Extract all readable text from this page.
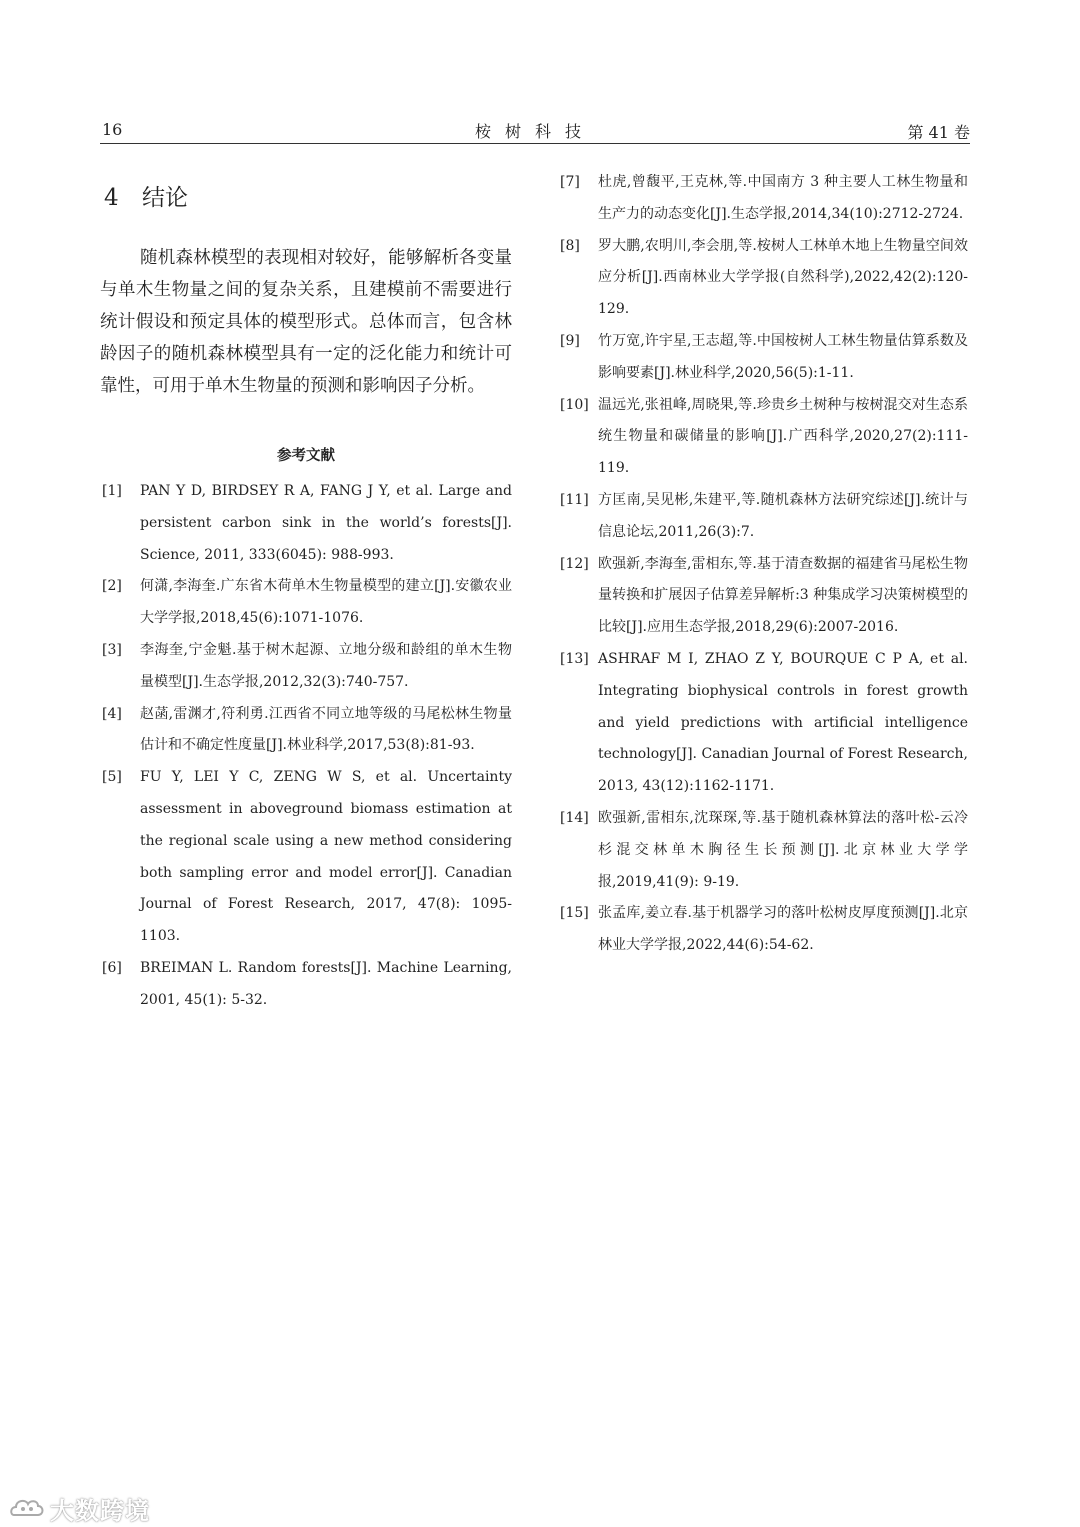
16	桉树科技	第 41 卷
4 结论

随机森林模型的表现相对较好，能够解析各变量与单木生物量之间的复杂关系，且建模前不需要进行统计假设和预定具体的模型形式。总体而言，包含林龄因子的随机森林模型具有一定的泛化能力和统计可靠性，可用于单木生物量的预测和影响因子分析。

参考文献
[1] PAN Y D, BIRDSEY R A, FANG J Y, et al. Large and persistent carbon sink in the world’s forests[J]. Science, 2011, 333(6045): 988-993.
[2] 何潇,李海奎.广东省木荷单木生物量模型的建立[J].安徽农业大学学报,2018,45(6):1071-1076.
[3] 李海奎,宁金魁.基于树木起源、立地分级和龄组的单木生物量模型[J].生态学报,2012,32(3):740-757.
[4] 赵菡,雷渊才,符利勇.江西省不同立地等级的马尾松林生物量估计和不确定性度量[J].林业科学,2017,53(8):81-93.
[5] FU Y, LEI Y C, ZENG W S, et al. Uncertainty assessment in aboveground biomass estimation at the regional scale using a new method considering both sampling error and model error[J]. Canadian Journal of Forest Research, 2017, 47(8): 1095- 1103.
[6] BREIMAN L. Random forests[J]. Machine Learning, 2001, 45(1): 5-32.
[7] 杜虎,曾馥平,王克林,等.中国南方 3 种主要人工林生物量和生产力的动态变化[J].生态学报,2014,34(10):2712-2724.
[8] 罗大鹏,农明川,李会朋,等.桉树人工林单木地上生物量空间效应分析[J].西南林业大学学报(自然科学),2022,42(2):120- 129.
[9] 竹万宽,许宇星,王志超,等.中国桉树人工林生物量估算系数及影响要素[J].林业科学,2020,56(5):1-11.
[10] 温远光,张祖峰,周晓果,等.珍贵乡土树种与桉树混交对生态系统生物量和碳储量的影响[J].广西科学,2020,27(2):111- 119.
[11] 方匡南,吴见彬,朱建平,等.随机森林方法研究综述[J].统计与信息论坛,2011,26(3):7.
[12] 欧强新,李海奎,雷相东,等.基于清查数据的福建省马尾松生物量转换和扩展因子估算差异解析:3 种集成学习决策树模型的比较[J].应用生态学报,2018,29(6):2007-2016.
[13] ASHRAF M I, ZHAO Z Y, BOURQUE C P A, et al. Integrating biophysical controls in forest growth and yield predictions with artificial intelligence technology[J]. Canadian Journal of Forest Research, 2013, 43(12):1162-1171.
[14] 欧强新,雷相东,沈琛琛,等.基于随机森林算法的落叶松-云冷杉混交林单木胸径生长预测[J].北京林业大学学报,2019,41(9): 9-19.
[15] 张孟库,姜立春.基于机器学习的落叶松树皮厚度预测[J].北京林业大学学报,2022,44(6):54-62.
大数跨境
